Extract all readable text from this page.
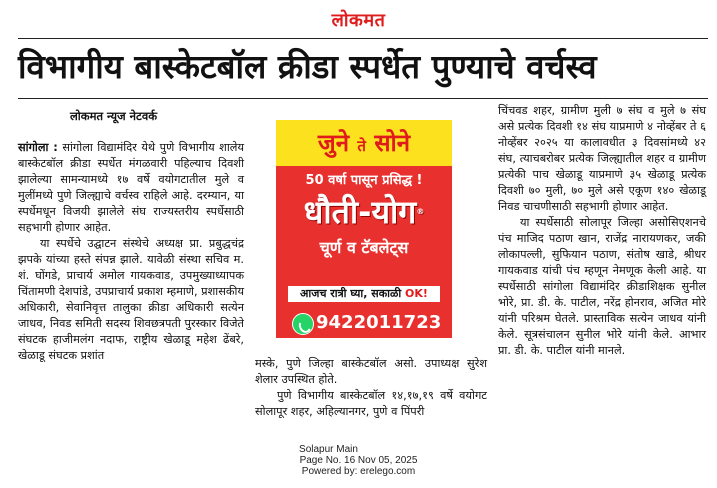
लोकमत
विभागीय बास्केटबॉल क्रीडा स्पर्धेत पुण्याचे वर्चस्व
लोकमत न्यूज नेटवर्क

सांगोला : सांगोला विद्यामंदिर येथे पुणे विभागीय शालेय बास्केटबॉल क्रीडा स्पर्धेत मंगळवारी पहिल्याच दिवशी झालेल्या सामन्यामध्ये १७ वर्षे वयोगटातील मुले व मुलींमध्ये पुणे जिल्ह्याचे वर्चस्व राहिले आहे. दरम्यान, या स्पर्धेमधून विजयी झालेले संघ राज्यस्तरीय स्पर्धेसाठी सहभागी होणार आहेत.

या स्पर्धेचे उद्घाटन संस्थेचे अध्यक्ष प्रा. प्रबुद्धचंद्र झपके यांच्या हस्ते संपन्न झाले. यावेळी संस्था सचिव म. शं. घोंगडे, प्राचार्य अमोल गायकवाड, उपमुख्याध्यापक चिंतामणी देशपांडे, उपप्राचार्य प्रकाश म्हमाणे, प्रशासकीय अधिकारी, सेवानिवृत्त तालुका क्रीडा अधिकारी सत्येन जाधव, निवड समिती सदस्य शिवछत्रपती पुरस्कार विजेते संघटक हाजीमलंग नदाफ, राष्ट्रीय खेळाडू महेश ढेंबरे, खेळाडू संघटक प्रशांत

जुने ते सोने
50 वर्षा पासून प्रसिद्ध !
धौती-योग®
चूर्ण व टॅबलेट्स
आजच रात्री घ्या, सकाळी OK!
9422011723

मस्के, पुणे जिल्हा बास्केटबॉल असो. उपाध्यक्ष सुरेश शेलार उपस्थित होते.

पुणे विभागीय बास्केटबॉल १४,१७,१९ वर्षे वयोगट सोलापूर शहर, अहिल्यानगर, पुणे व पिंपरी

चिंचवड शहर, ग्रामीण मुली ७ संघ व मुले ७ संघ असे प्रत्येक दिवशी १४ संघ याप्रमाणे ४ नोव्हेंबर ते ६ नोव्हेंबर २०२५ या कालावधीत ३ दिवसांमध्ये ४२ संघ, त्याचबरोबर प्रत्येक जिल्ह्यातील शहर व ग्रामीण प्रत्येकी पाच खेळाडू याप्रमाणे ३५ खेळाडू प्रत्येक दिवशी ७० मुली, ७० मुले असे एकूण १४० खेळाडू निवड चाचणीसाठी सहभागी होणार आहेत.

या स्पर्धेसाठी सोलापूर जिल्हा असोसिएशनचे पंच माजिद पठाण खान, राजेंद्र नारायणकर, जकी लोकापल्ली, सुफियान पठाण, संतोष खाडे, श्रीधर गायकवाड यांची पंच म्हणून नेमणूक केली आहे. या स्पर्धेसाठी सांगोला विद्यामंदिर क्रीडाशिक्षक सुनील भोरे, प्रा. डी. के. पाटील, नरेंद्र होनराव, अजित मोरे यांनी परिश्रम घेतले. प्रास्ताविक सत्येन जाधव यांनी केले. सूत्रसंचालन सुनील भोरे यांनी केले. आभार प्रा. डी. के. पाटील यांनी मानले.

Solapur Main
Page No. 16 Nov 05, 2025
Powered by: erelego.com
